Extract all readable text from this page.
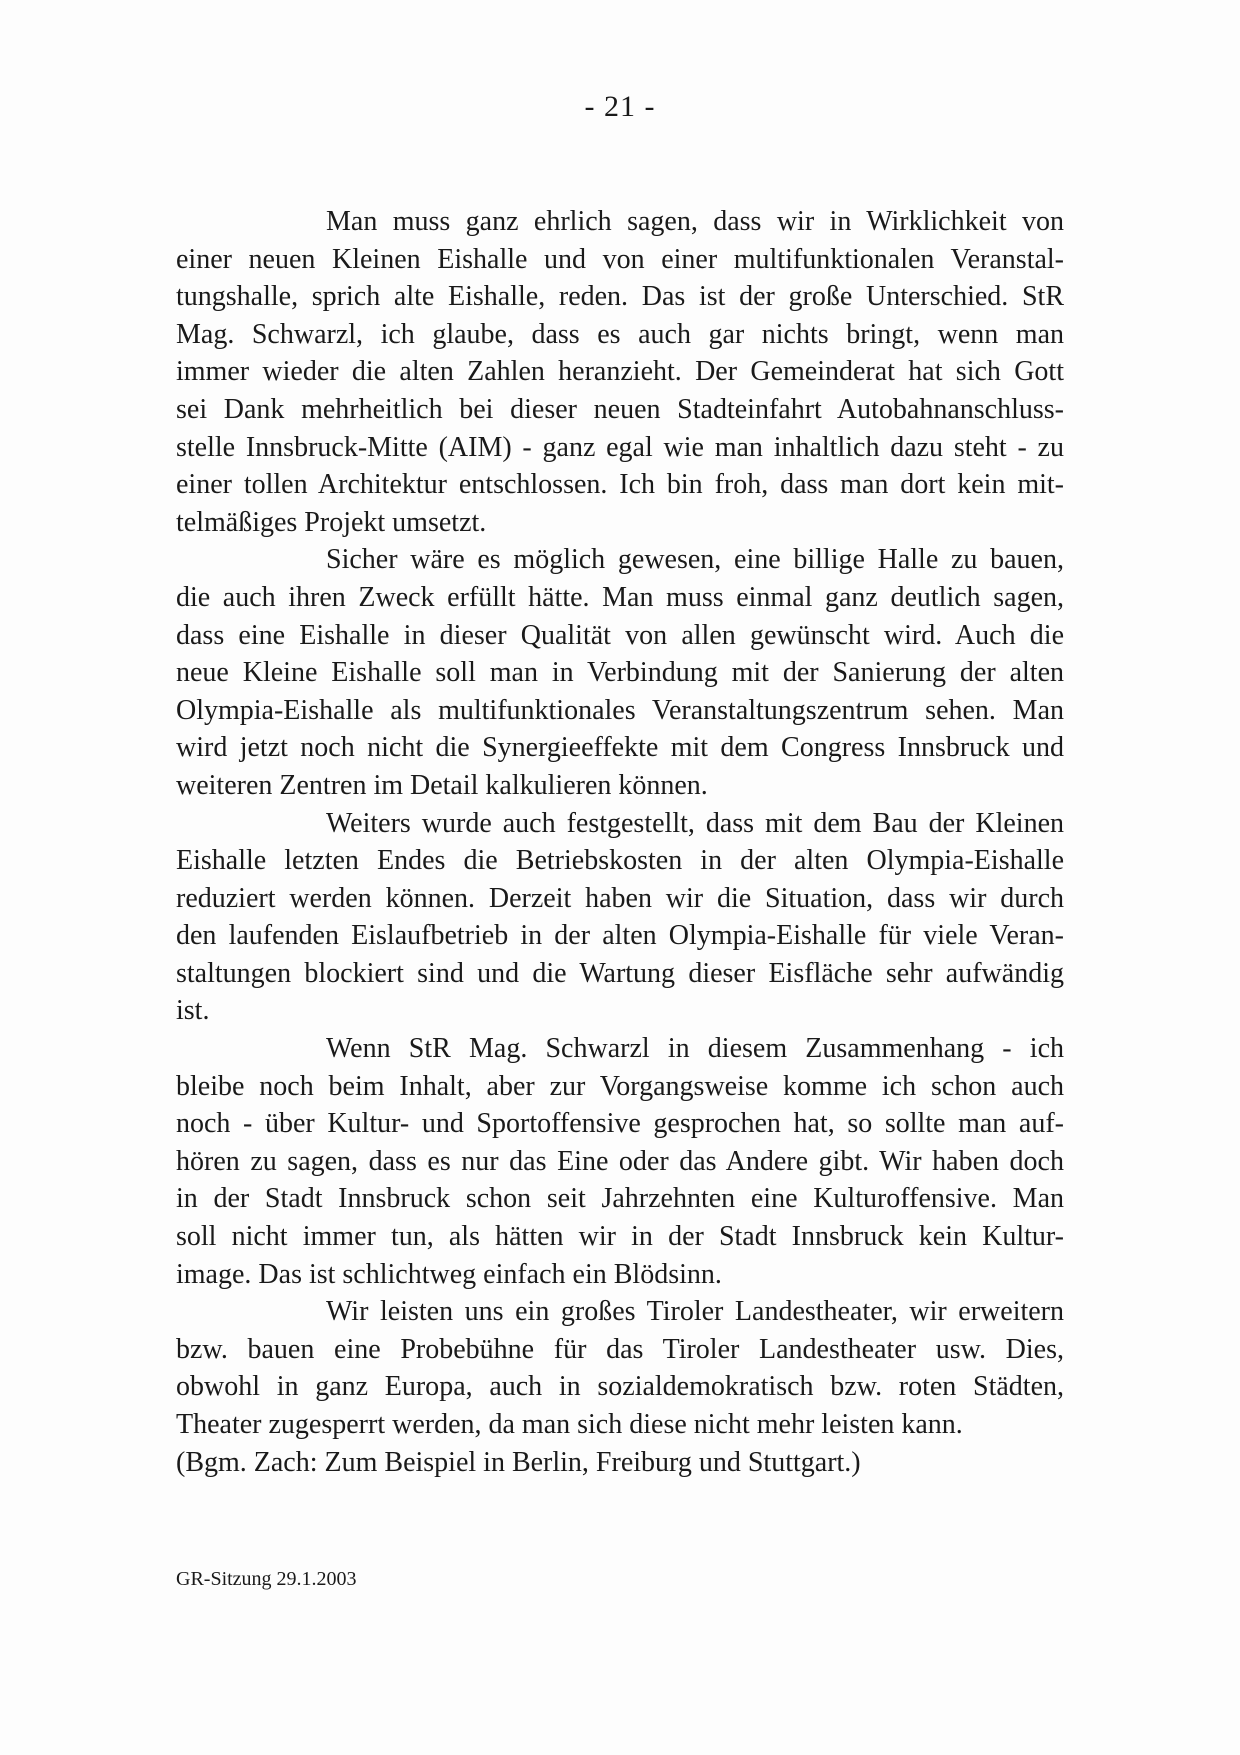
- 21 -
Man muss ganz ehrlich sagen, dass wir in Wirklichkeit von
einer neuen Kleinen Eishalle und von einer multifunktionalen Veranstal-
tungshalle, sprich alte Eishalle, reden. Das ist der große Unterschied. StR
Mag. Schwarzl, ich glaube, dass es auch gar nichts bringt, wenn man
immer wieder die alten Zahlen heranzieht. Der Gemeinderat hat sich Gott
sei Dank mehrheitlich bei dieser neuen Stadteinfahrt Autobahnanschluss-
stelle Innsbruck-Mitte (AIM) - ganz egal wie man inhaltlich dazu steht - zu
einer tollen Architektur entschlossen. Ich bin froh, dass man dort kein mit-
telmäßiges Projekt umsetzt.
Sicher wäre es möglich gewesen, eine billige Halle zu bauen,
die auch ihren Zweck erfüllt hätte. Man muss einmal ganz deutlich sagen,
dass eine Eishalle in dieser Qualität von allen gewünscht wird. Auch die
neue Kleine Eishalle soll man in Verbindung mit der Sanierung der alten
Olympia-Eishalle als multifunktionales Veranstaltungszentrum sehen. Man
wird jetzt noch nicht die Synergieeffekte mit dem Congress Innsbruck und
weiteren Zentren im Detail kalkulieren können.
Weiters wurde auch festgestellt, dass mit dem Bau der Kleinen
Eishalle letzten Endes die Betriebskosten in der alten Olympia-Eishalle
reduziert werden können. Derzeit haben wir die Situation, dass wir durch
den laufenden Eislaufbetrieb in der alten Olympia-Eishalle für viele Veran-
staltungen blockiert sind und die Wartung dieser Eisfläche sehr aufwändig
ist.
Wenn StR Mag. Schwarzl in diesem Zusammenhang - ich
bleibe noch beim Inhalt, aber zur Vorgangsweise komme ich schon auch
noch - über Kultur- und Sportoffensive gesprochen hat, so sollte man auf-
hören zu sagen, dass es nur das Eine oder das Andere gibt. Wir haben doch
in der Stadt Innsbruck schon seit Jahrzehnten eine Kulturoffensive. Man
soll nicht immer tun, als hätten wir in der Stadt Innsbruck kein Kultur-
image. Das ist schlichtweg einfach ein Blödsinn.
Wir leisten uns ein großes Tiroler Landestheater, wir erweitern
bzw. bauen eine Probebühne für das Tiroler Landestheater usw. Dies,
obwohl in ganz Europa, auch in sozialdemokratisch bzw. roten Städten,
Theater zugesperrt werden, da man sich diese nicht mehr leisten kann.
(Bgm. Zach: Zum Beispiel in Berlin, Freiburg und Stuttgart.)
GR-Sitzung 29.1.2003
